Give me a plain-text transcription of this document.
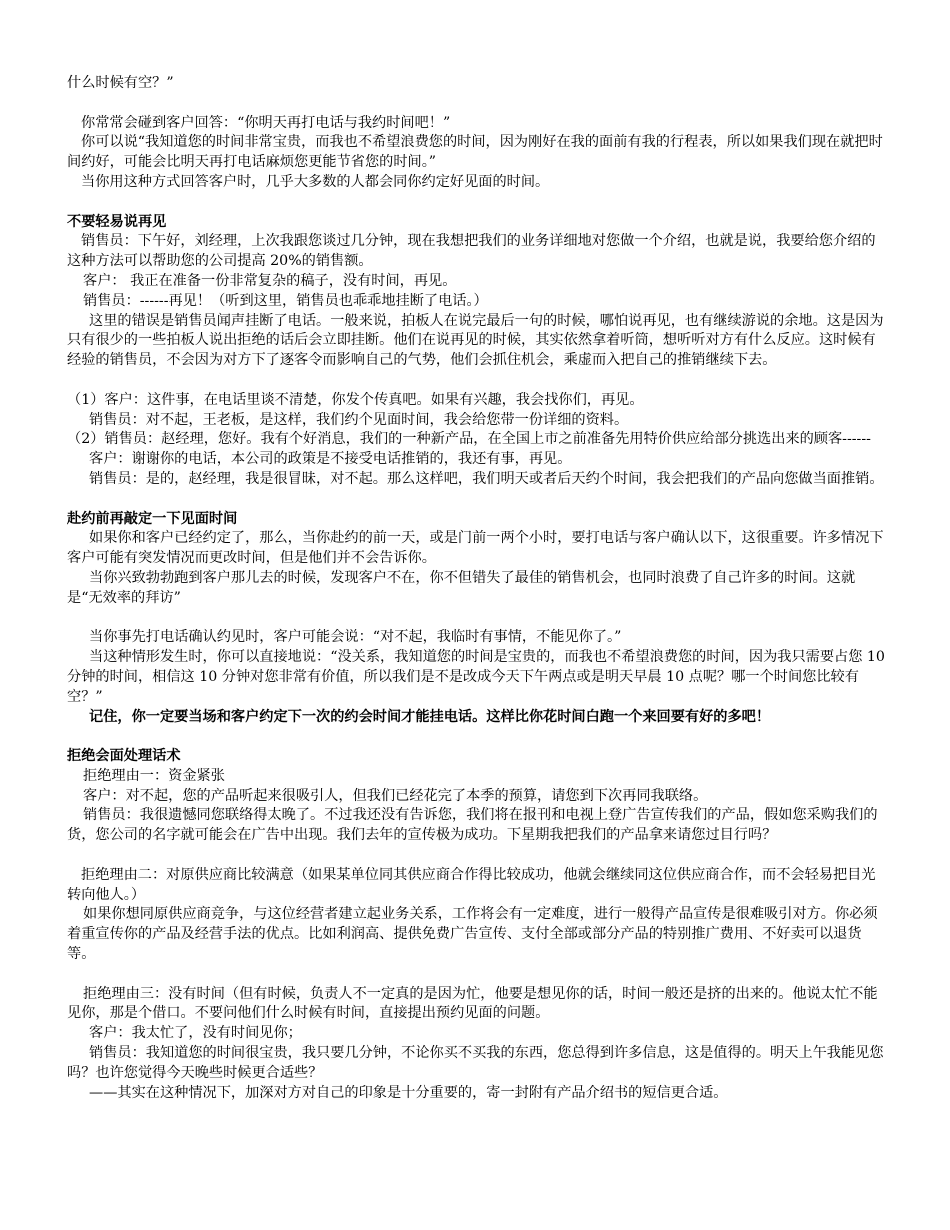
什么时候有空？”

你常常会碰到客户回答：“你明天再打电话与我约时间吧！”

你可以说“我知道您的时间非常宝贵，而我也不希望浪费您的时间，因为刚好在我的面前有我的行程表，所以如果我们现在就把时间约好，可能会比明天再打电话麻烦您更能节省您的时间。”

当你用这种方式回答客户时，几乎大多数的人都会同你约定好见面的时间。

不要轻易说再见

销售员：下午好，刘经理，上次我跟您谈过几分钟，现在我想把我们的业务详细地对您做一个介绍，也就是说，我要给您介绍的这种方法可以帮助您的公司提高 20%的销售额。

客户： 我正在准备一份非常复杂的稿子，没有时间，再见。

销售员：------再见！（听到这里，销售员也乖乖地挂断了电话。）

这里的错误是销售员闻声挂断了电话。一般来说，拍板人在说完最后一句的时候，哪怕说再见，也有继续游说的余地。这是因为只有很少的一些拍板人说出拒绝的话后会立即挂断。他们在说再见的时候，其实依然拿着听筒，想听听对方有什么反应。这时候有经验的销售员，不会因为对方下了逐客令而影响自己的气势，他们会抓住机会，乘虚而入把自己的推销继续下去。

（1）客户：这件事，在电话里谈不清楚，你发个传真吧。如果有兴趣，我会找你们，再见。

销售员：对不起，王老板，是这样，我们约个见面时间，我会给您带一份详细的资料。

（2）销售员：赵经理，您好。我有个好消息，我们的一种新产品，在全国上市之前准备先用特价供应给部分挑选出来的顾客------

客户：谢谢你的电话，本公司的政策是不接受电话推销的，我还有事，再见。

销售员：是的，赵经理，我是很冒昧，对不起。那么这样吧，我们明天或者后天约个时间，我会把我们的产品向您做当面推销。

赴约前再敲定一下见面时间

如果你和客户已经约定了，那么，当你赴约的前一天，或是门前一两个小时，要打电话与客户确认以下，这很重要。许多情况下客户可能有突发情况而更改时间，但是他们并不会告诉你。

当你兴致勃勃跑到客户那儿去的时候，发现客户不在，你不但错失了最佳的销售机会，也同时浪费了自己许多的时间。这就是“无效率的拜访”

当你事先打电话确认约见时，客户可能会说：“对不起，我临时有事情，不能见你了。”

当这种情形发生时，你可以直接地说：“没关系，我知道您的时间是宝贵的，而我也不希望浪费您的时间，因为我只需要占您 10 分钟的时间，相信这 10 分钟对您非常有价值，所以我们是不是改成今天下午两点或是明天早晨 10 点呢？哪一个时间您比较有空？”

记住，你一定要当场和客户约定下一次的约会时间才能挂电话。这样比你花时间白跑一个来回要有好的多吧！

拒绝会面处理话术

拒绝理由一：资金紧张

客户：对不起，您的产品听起来很吸引人，但我们已经花完了本季的预算，请您到下次再同我联络。

销售员：我很遗憾同您联络得太晚了。不过我还没有告诉您，我们将在报刊和电视上登广告宣传我们的产品，假如您采购我们的货，您公司的名字就可能会在广告中出现。我们去年的宣传极为成功。下星期我把我们的产品拿来请您过目行吗？

拒绝理由二：对原供应商比较满意（如果某单位同其供应商合作得比较成功，他就会继续同这位供应商合作，而不会轻易把目光转向他人。）

如果你想同原供应商竞争，与这位经营者建立起业务关系，工作将会有一定难度，进行一般得产品宣传是很难吸引对方。你必须着重宣传你的产品及经营手法的优点。比如利润高、提供免费广告宣传、支付全部或部分产品的特别推广费用、不好卖可以退货等。

拒绝理由三：没有时间（但有时候，负责人不一定真的是因为忙，他要是想见你的话，时间一般还是挤的出来的。他说太忙不能见你，那是个借口。不要问他们什么时候有时间，直接提出预约见面的问题。

客户：我太忙了，没有时间见你；

销售员：我知道您的时间很宝贵，我只要几分钟，不论你买不买我的东西，您总得到许多信息，这是值得的。明天上午我能见您吗？也许您觉得今天晚些时候更合适些？

——其实在这种情况下，加深对方对自己的印象是十分重要的，寄一封附有产品介绍书的短信更合适。
